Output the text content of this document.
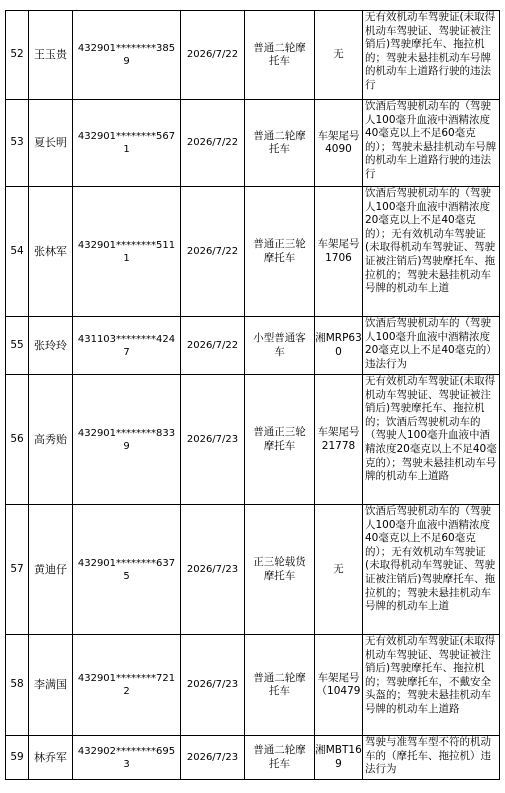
52	王玉贵	432901********3859	2026/7/22	普通二轮摩托车	无	无有效机动车驾驶证(未取得机动车驾驶证、驾驶证被注销后)驾驶摩托车、拖拉机的；驾驶未悬挂机动车号牌的机动车上道路行驶的违法行

53	夏长明	432901********5671	2026/7/22	普通二轮摩托车	车架尾号4090	饮酒后驾驶机动车的（驾驶人100毫升血液中酒精浓度40毫克以上不足60毫克的）；驾驶未悬挂机动车号牌的机动车上道路行驶的违法行

54	张林军	432901********5111	2026/7/22	普通正三轮摩托车	车架尾号1706	饮酒后驾驶机动车的（驾驶人100毫升血液中酒精浓度20毫克以上不足40毫克的）；无有效机动车驾驶证(未取得机动车驾驶证、驾驶证被注销后)驾驶摩托车、拖拉机的；驾驶未悬挂机动车号牌的机动车上道

55	张玲玲	431103********4247	2026/7/22	小型普通客车	湘MRP630	饮酒后驾驶机动车的（驾驶人100毫升血液中酒精浓度20毫克以上不足40毫克的）违法行为

56	高秀贻	432901********8339	2026/7/23	普通正三轮摩托车	车架尾号21778	无有效机动车驾驶证(未取得机动车驾驶证、驾驶证被注销后)驾驶摩托车、拖拉机的；饮酒后驾驶机动车的（驾驶人100毫升血液中酒精浓度20毫克以上不足40毫克的）；驾驶未悬挂机动车号牌的机动车上道路

57	黄迪仔	432901********6375	2026/7/23	正三轮载货摩托车	无	饮酒后驾驶机动车的（驾驶人100毫升血液中酒精浓度40毫克以上不足60毫克的）；无有效机动车驾驶证(未取得机动车驾驶证、驾驶证被注销后)驾驶摩托车、拖拉机的；驾驶未悬挂机动车号牌的机动车上道

58	李满国	432901********7212	2026/7/23	普通二轮摩托车	车架尾号（10479	无有效机动车驾驶证(未取得机动车驾驶证、驾驶证被注销后)驾驶摩托车、拖拉机的；驾驶摩托车，不戴安全头盔的；驾驶未悬挂机动车号牌的机动车上道路

59	林乔军	432902********6953	2026/7/23	普通二轮摩托车	湘MBT169	驾驶与准驾车型不符的机动车的（摩托车、拖拉机）违法行为
